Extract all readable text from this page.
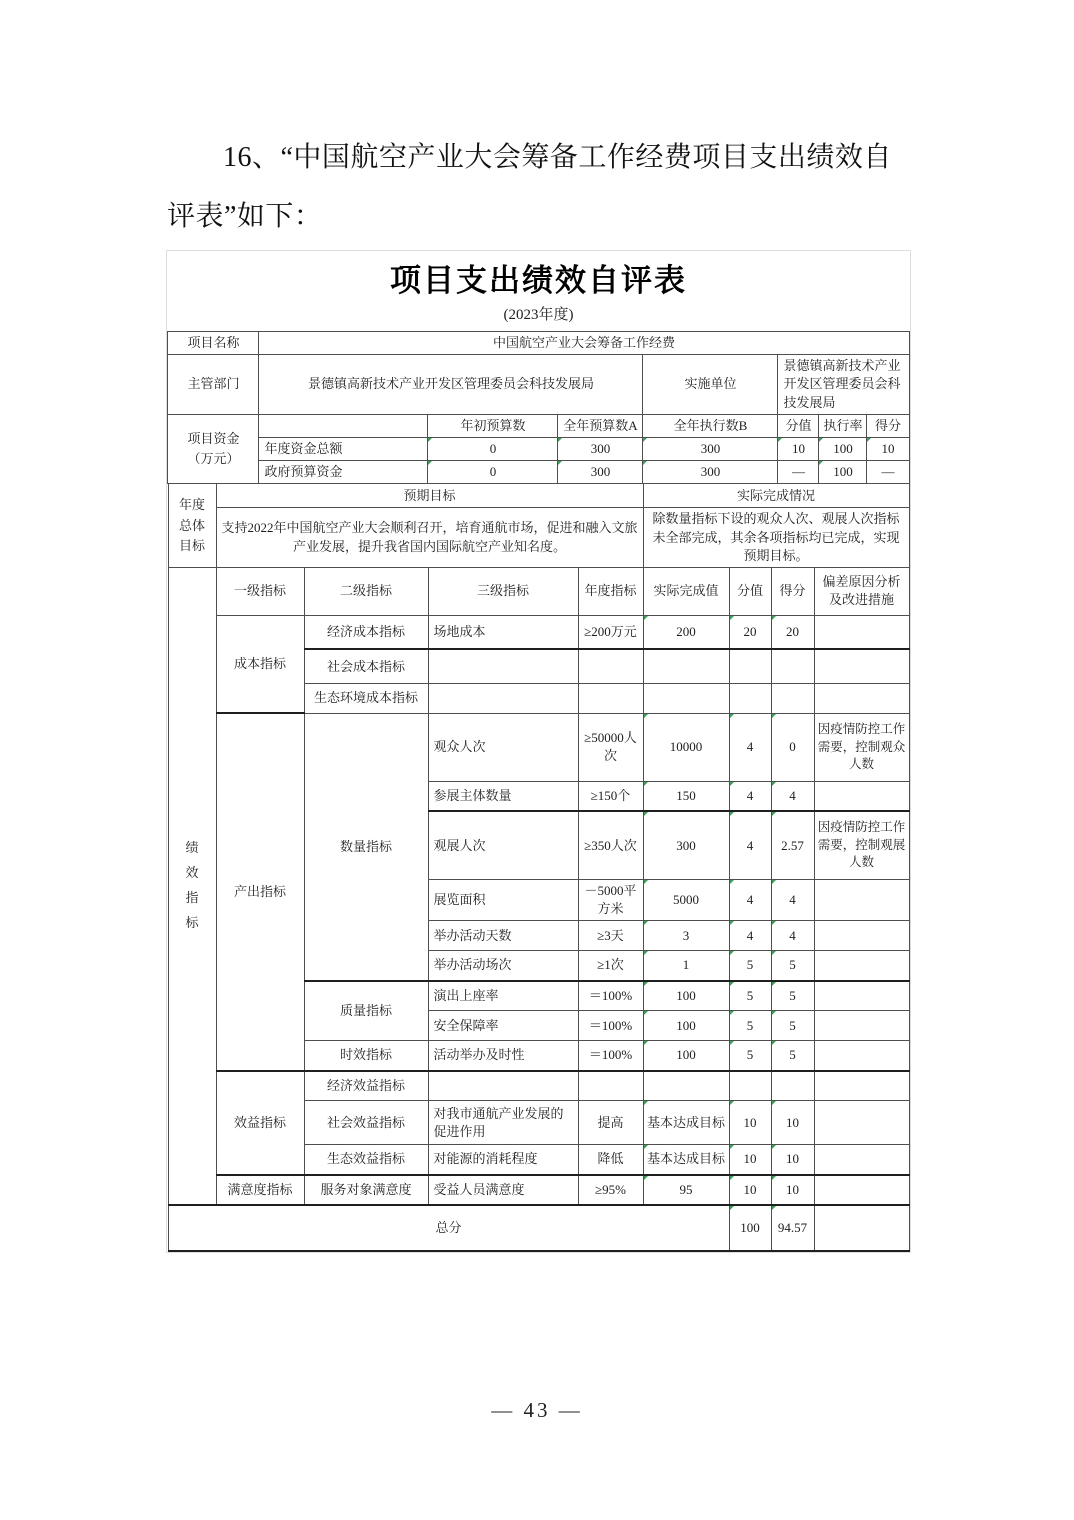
16、“中国航空产业大会筹备工作经费项目支出绩效自评表”如下：
项目支出绩效自评表
(2023年度)
项目名称	中国航空产业大会筹备工作经费						
主管部门	景德镇高新技术产业开发区管理委员会科技发展局			实施单位	景德镇高新技术产业开发区管理委员会科技发展局		
项目资金（万元）		年初预算数	全年预算数A	全年执行数B	分值	执行率	得分
	年度资金总额	0	300	300	10	100	10
	政府预算资金	0	300	300	—	100	—
年度总体目标	预期目标	实际完成情况
	支持2022年中国航空产业大会顺利召开，培育通航市场，促进和融入文旅产业发展，提升我省国内国际航空产业知名度。	除数量指标下设的观众人次、观展人次指标未全部完成，其余各项指标均已完成，实现预期目标。
绩效指标	一级指标	二级指标	三级指标	年度指标	实际完成值	分值	得分	偏差原因分析及改进措施
	成本指标	经济成本指标	场地成本	≥200万元	200	20	20	
		社会成本指标						
		生态环境成本指标						
	产出指标	数量指标	观众人次	≥50000人次	10000	4	0	因疫情防控工作需要，控制观众人数
			参展主体数量	≥150个	150	4	4	
			观展人次	≥350人次	300	4	2.57	因疫情防控工作需要，控制观展人数
			展览面积	－5000平方米	5000	4	4	
			举办活动天数	≥3天	3	4	4	
			举办活动场次	≥1次	1	5	5	
		质量指标	演出上座率	＝100%	100	5	5	
			安全保障率	＝100%	100	5	5	
		时效指标	活动举办及时性	＝100%	100	5	5	
	效益指标	经济效益指标						
		社会效益指标	对我市通航产业发展的促进作用	提高	基本达成目标	10	10	
		生态效益指标	对能源的消耗程度	降低	基本达成目标	10	10	
	满意度指标	服务对象满意度	受益人员满意度	≥95%	95	10	10	
总分						100	94.57	
— 43 —
